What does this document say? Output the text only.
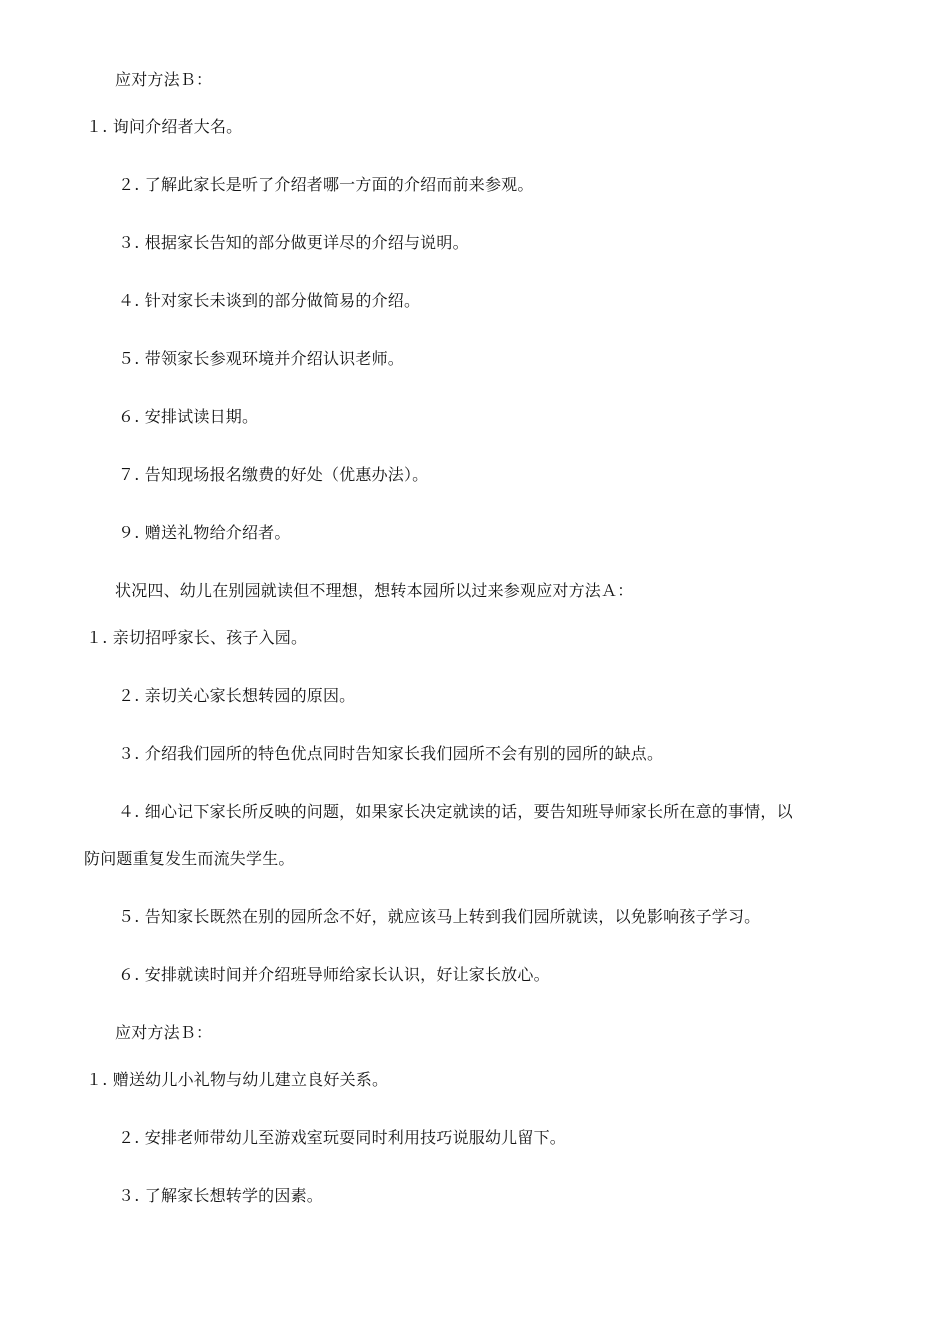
应对方法Ｂ：
１. 询问介绍者大名。
２. 了解此家长是听了介绍者哪一方面的介绍而前来参观。
３. 根据家长告知的部分做更详尽的介绍与说明。
４. 针对家长未谈到的部分做简易的介绍。
５. 带领家长参观环境并介绍认识老师。
６. 安排试读日期。
７. 告知现场报名缴费的好处（优惠办法）。
９. 赠送礼物给介绍者。
状况四、幼儿在别园就读但不理想，想转本园所以过来参观应对方法Ａ：
１. 亲切招呼家长、孩子入园。
２. 亲切关心家长想转园的原因。
３. 介绍我们园所的特色优点同时告知家长我们园所不会有别的园所的缺点。
４. 细心记下家长所反映的问题，如果家长决定就读的话，要告知班导师家长所在意的事情，以
防问题重复发生而流失学生。
５. 告知家长既然在别的园所念不好，就应该马上转到我们园所就读，以免影响孩子学习。
６. 安排就读时间并介绍班导师给家长认识，好让家长放心。
应对方法Ｂ：
１. 赠送幼儿小礼物与幼儿建立良好关系。
２. 安排老师带幼儿至游戏室玩耍同时利用技巧说服幼儿留下。
３. 了解家长想转学的因素。
